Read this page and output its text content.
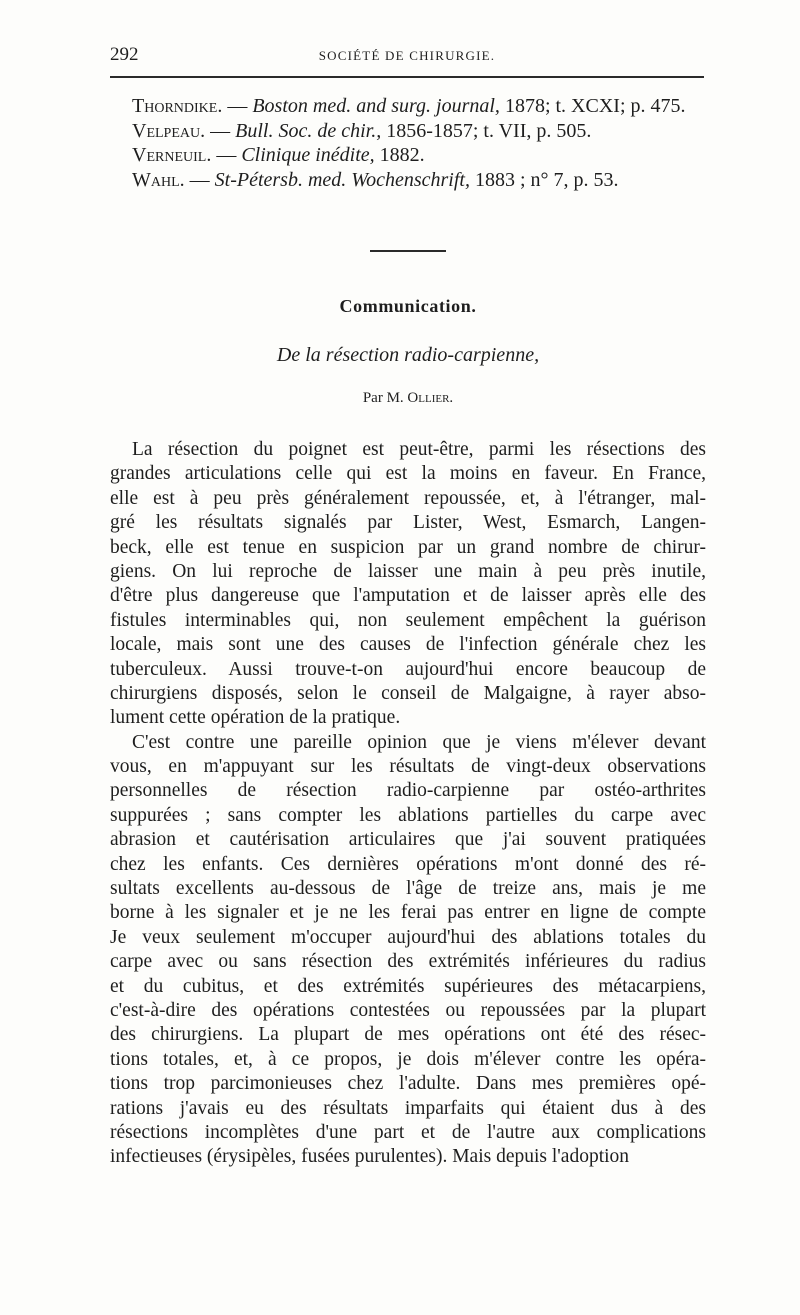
292	SOCIÉTÉ DE CHIRURGIE.
Thorndike. — Boston med. and surg. journal, 1878; t. XCXI; p. 475.
Velpeau. — Bull. Soc. de chir., 1856-1857; t. VII, p. 505.
Verneuil. — Clinique inédite, 1882.
Wahl. — St-Pétersb. med. Wochenschrift, 1883 ; n° 7, p. 53.
Communication.
De la résection radio-carpienne,
Par M. Ollier.
La résection du poignet est peut-être, parmi les résections des
grandes articulations celle qui est la moins en faveur. En France,
elle est à peu près généralement repoussée, et, à l'étranger, mal-
gré les résultats signalés par Lister, West, Esmarch, Langen-
beck, elle est tenue en suspicion par un grand nombre de chirur-
giens. On lui reproche de laisser une main à peu près inutile,
d'être plus dangereuse que l'amputation et de laisser après elle des
fistules interminables qui, non seulement empêchent la guérison
locale, mais sont une des causes de l'infection générale chez les
tuberculeux. Aussi trouve-t-on aujourd'hui encore beaucoup de
chirurgiens disposés, selon le conseil de Malgaigne, à rayer abso-
lument cette opération de la pratique.
C'est contre une pareille opinion que je viens m'élever devant
vous, en m'appuyant sur les résultats de vingt-deux observations
personnelles de résection radio-carpienne par ostéo-arthrites
suppurées ; sans compter les ablations partielles du carpe avec
abrasion et cautérisation articulaires que j'ai souvent pratiquées
chez les enfants. Ces dernières opérations m'ont donné des ré-
sultats excellents au-dessous de l'âge de treize ans, mais je me
borne à les signaler et je ne les ferai pas entrer en ligne de compte
Je veux seulement m'occuper aujourd'hui des ablations totales du
carpe avec ou sans résection des extrémités inférieures du radius
et du cubitus, et des extrémités supérieures des métacarpiens,
c'est-à-dire des opérations contestées ou repoussées par la plupart
des chirurgiens. La plupart de mes opérations ont été des résec-
tions totales, et, à ce propos, je dois m'élever contre les opéra-
tions trop parcimonieuses chez l'adulte. Dans mes premières opé-
rations j'avais eu des résultats imparfaits qui étaient dus à des
résections incomplètes d'une part et de l'autre aux complications
infectieuses (érysipèles, fusées purulentes). Mais depuis l'adoption
